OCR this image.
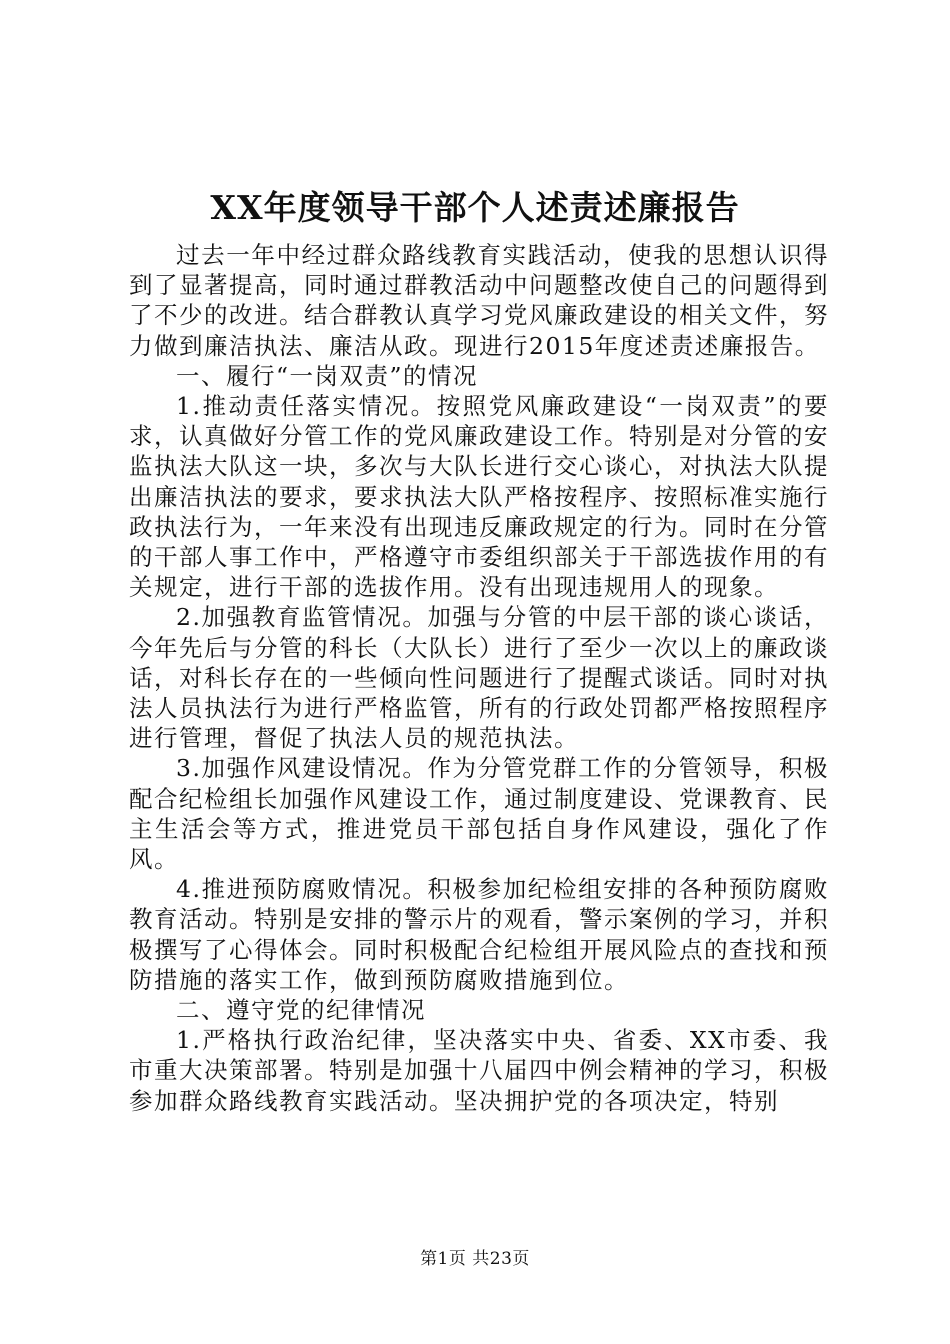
XX年度领导干部个人述责述廉报告

过去一年中经过群众路线教育实践活动，使我的思想认识得到了显著提高，同时通过群教活动中问题整改使自己的问题得到了不少的改进。结合群教认真学习党风廉政建设的相关文件，努力做到廉洁执法、廉洁从政。现进行2015年度述责述廉报告。

一、履行“一岗双责”的情况

1.推动责任落实情况。按照党风廉政建设“一岗双责”的要求，认真做好分管工作的党风廉政建设工作。特别是对分管的安监执法大队这一块，多次与大队长进行交心谈心，对执法大队提出廉洁执法的要求，要求执法大队严格按程序、按照标准实施行政执法行为，一年来没有出现违反廉政规定的行为。同时在分管的干部人事工作中，严格遵守市委组织部关于干部选拔作用的有关规定，进行干部的选拔作用。没有出现违规用人的现象。

2.加强教育监管情况。加强与分管的中层干部的谈心谈话，今年先后与分管的科长（大队长）进行了至少一次以上的廉政谈话，对科长存在的一些倾向性问题进行了提醒式谈话。同时对执法人员执法行为进行严格监管，所有的行政处罚都严格按照程序进行管理，督促了执法人员的规范执法。

3.加强作风建设情况。作为分管党群工作的分管领导，积极配合纪检组长加强作风建设工作，通过制度建设、党课教育、民主生活会等方式，推进党员干部包括自身作风建设，强化了作风。

4.推进预防腐败情况。积极参加纪检组安排的各种预防腐败教育活动。特别是安排的警示片的观看，警示案例的学习，并积极撰写了心得体会。同时积极配合纪检组开展风险点的查找和预防措施的落实工作，做到预防腐败措施到位。

二、遵守党的纪律情况

1.严格执行政治纪律，坚决落实中央、省委、XX市委、我市重大决策部署。特别是加强十八届四中例会精神的学习，积极参加群众路线教育实践活动。坚决拥护党的各项决定，特别

第1页 共23页
